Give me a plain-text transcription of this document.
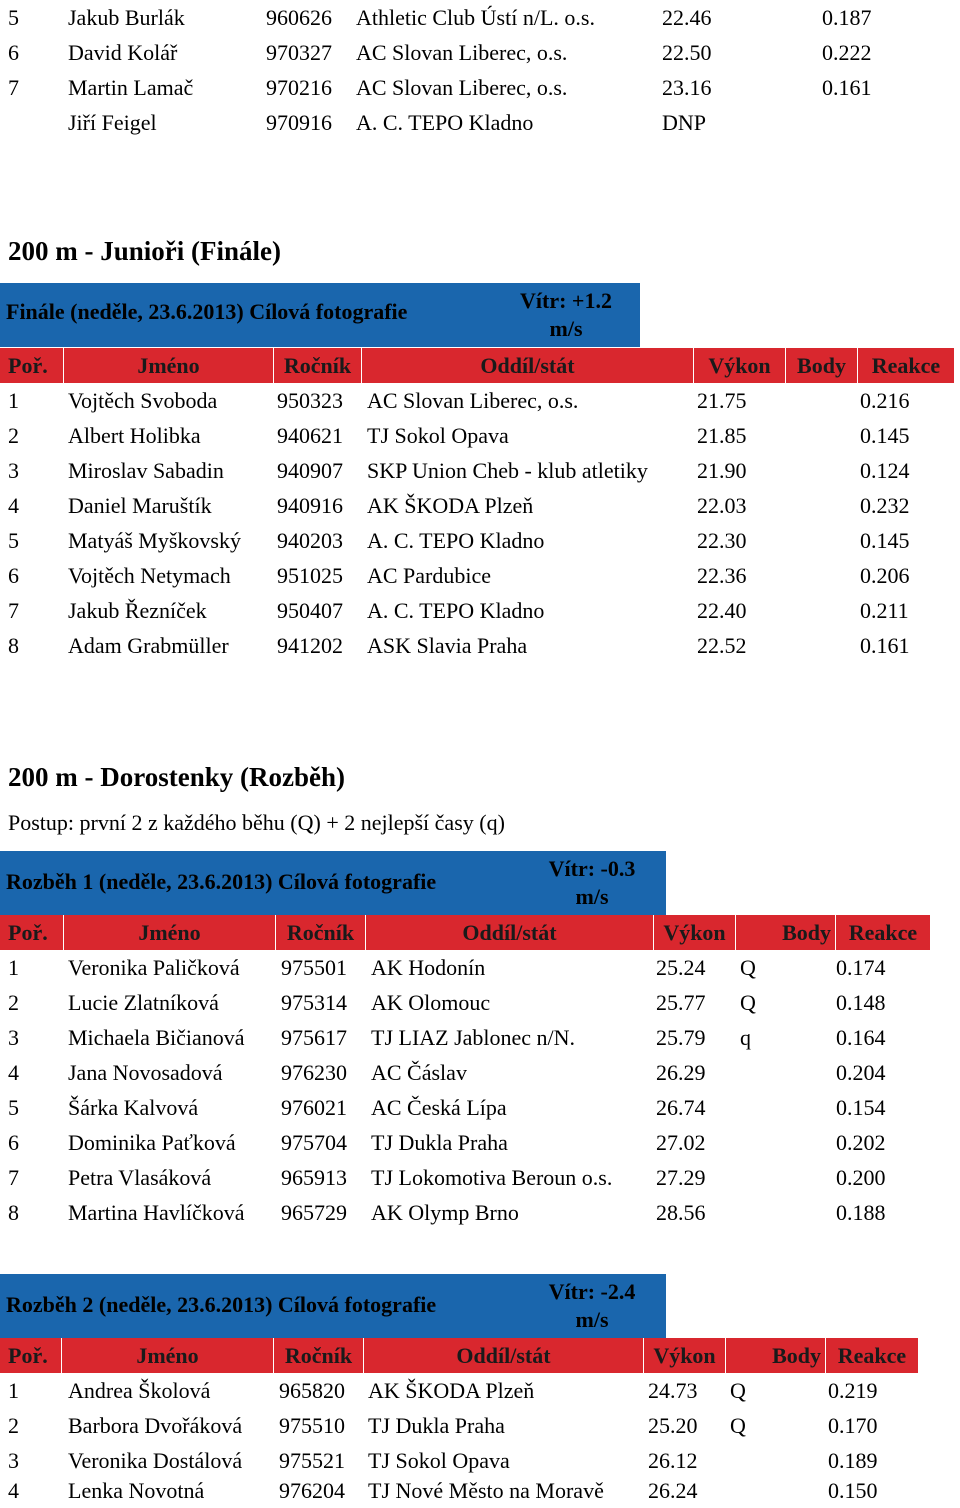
5 Jakub Burlák	960626 Athletic Club Ústí n/L. o.s.	22.46	0.187
6 David Kolář	970327 AC Slovan Liberec, o.s.	22.50	0.222
7 Martin Lamač	970216 AC Slovan Liberec, o.s.	23.16	0.161
Jiří Feigel	970916 A. C. TEPO Kladno	DNP
200 m - Junioři (Finále)
Finále (neděle, 23.6.2013) Cílová fotografie	Vítr: +1.2
m/s
Poř.	Jméno	Ročník	Oddíl/stát	Výkon	Body	Reakce
1 Vojtěch Svoboda	950323 AC Slovan Liberec, o.s.	21.75	0.216
2 Albert Holibka	940621 TJ Sokol Opava	21.85	0.145
3 Miroslav Sabadin 940907 SKP Union Cheb - klub atletiky 21.90	0.124
4 Daniel Maruštík	940916 AK ŠKODA Plzeň	22.03	0.232
5 Matyáš Myškovský 940203 A. C. TEPO Kladno	22.30	0.145
6 Vojtěch Netymach 951025 AC Pardubice	22.36	0.206
7 Jakub Řezníček	950407 A. C. TEPO Kladno	22.40	0.211
8 Adam Grabmüller 941202 ASK Slavia Praha	22.52	0.161
200 m - Dorostenky (Rozběh)
Postup: první 2 z každého běhu (Q) + 2 nejlepší časy (q)
Rozběh 1 (neděle, 23.6.2013) Cílová fotografie
Vítr: -0.3
m/s
Poř.	Jméno	Ročník	Oddíl/stát	Výkon	Body Reakce
1 Veronika Paličková 975501 AK Hodonín	25.24 Q	0.174
2 Lucie Zlatníková	975314 AK Olomouc	25.77 Q	0.148
3 Michaela Bičianová 975617 TJ LIAZ Jablonec n/N.	25.79 q	0.164
4 Jana Novosadová	976230 AC Čáslav	26.29	0.204
5 Šárka Kalvová	976021 AC Česká Lípa	26.74	0.154
6 Dominika Paťková 975704 TJ Dukla Praha	27.02	0.202
7 Petra Vlasáková	965913 TJ Lokomotiva Beroun o.s. 27.29	0.200
8 Martina Havlíčková 965729 AK Olymp Brno	28.56	0.188
Rozběh 2 (neděle, 23.6.2013) Cílová fotografie
Vítr: -2.4
m/s
Poř.	Jméno	Ročník	Oddíl/stát	Výkon	Body Reakce
1 Andrea Školová	965820 AK ŠKODA Plzeň	24.73 Q	0.219
2 Barbora Dvořáková 975510 TJ Dukla Praha	25.20 Q	0.170
3 Veronika Dostálová 975521 TJ Sokol Opava	26.12	0.189
4 Lenka Novotná	976204 TJ Nové Město na Moravě 26.24	0.150
